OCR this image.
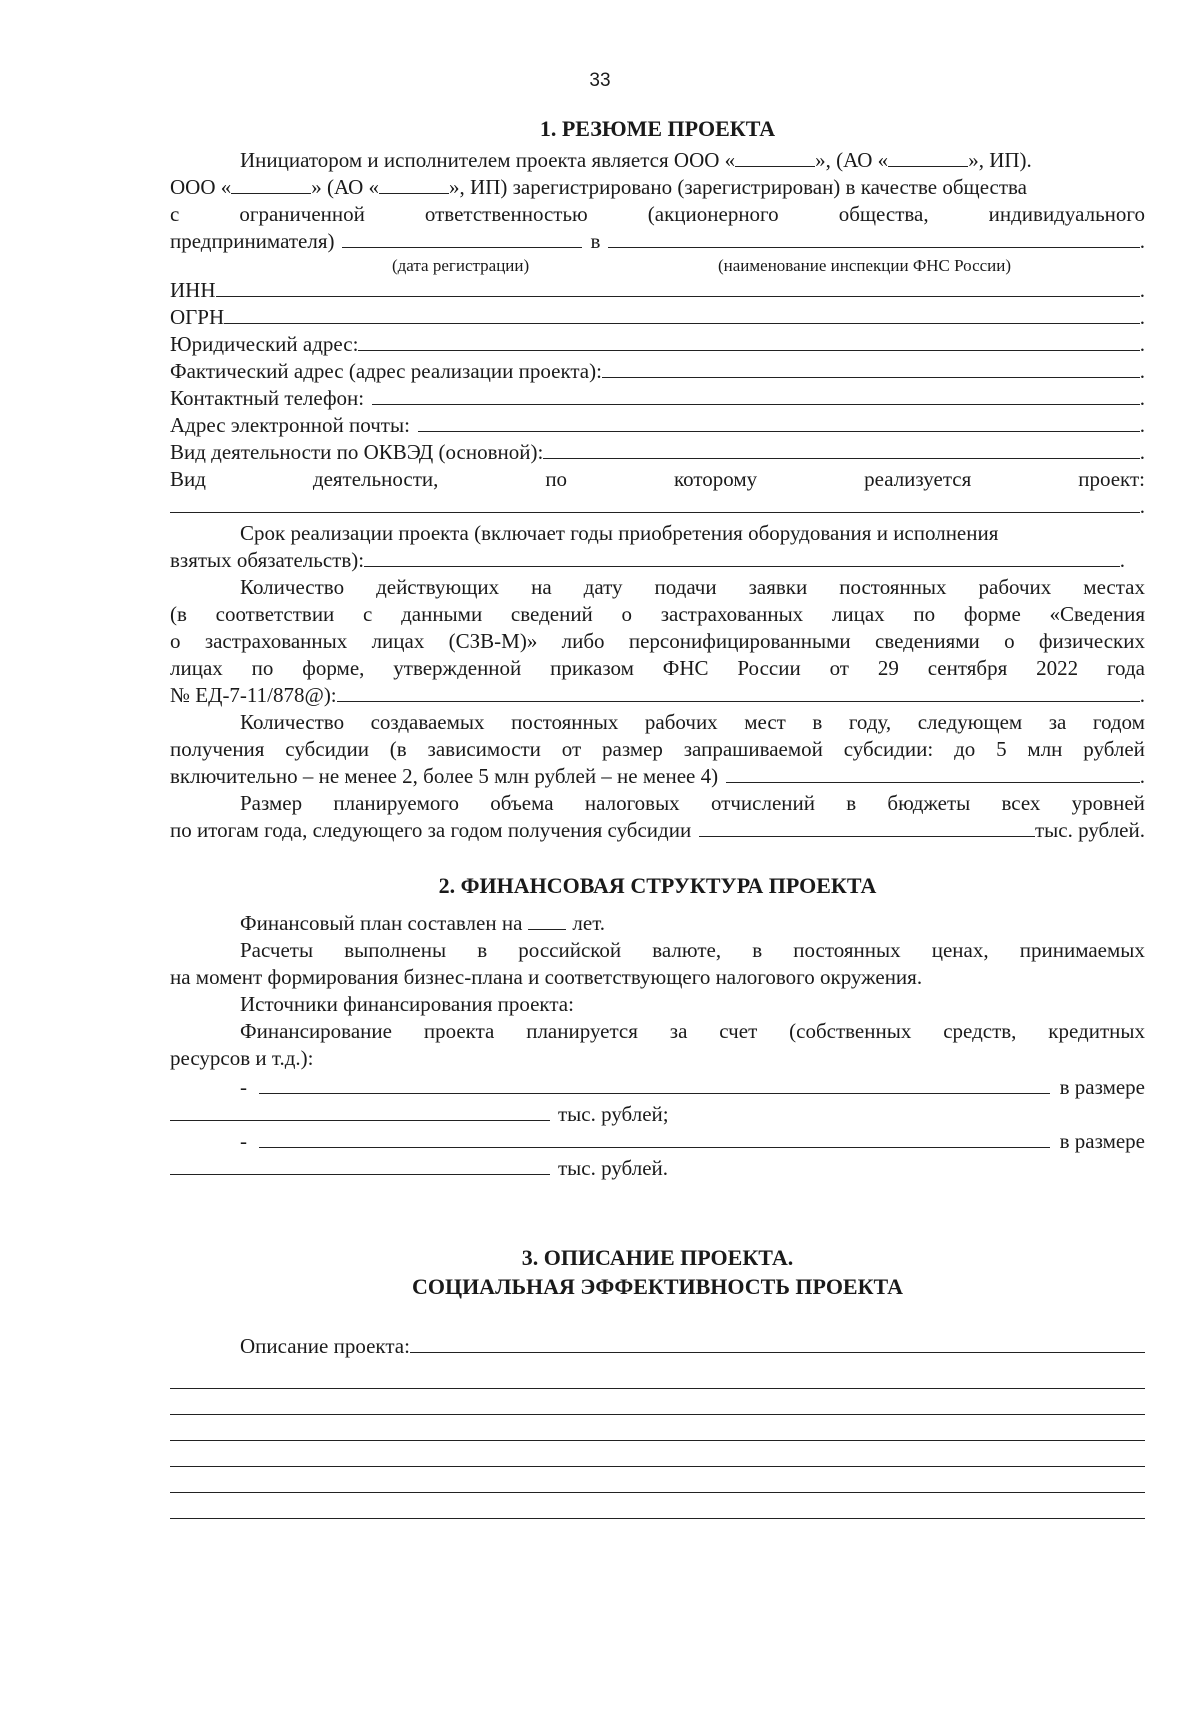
33
1. РЕЗЮМЕ ПРОЕКТА
Инициатором и исполнителем проекта является ООО «	», (АО «	», ИП).
ООО «	» (АО «	», ИП) зарегистрировано (зарегистрирован) в качестве общества
с	ограниченной	ответственностью	(акционерного	общества,	индивидуального
предпринимателя)	в	.
(дата регистрации)	(наименование инспекции ФНС России)
ИНН	.
ОГРН	.
Юридический адрес:	.
Фактический адрес (адрес реализации проекта):	.
Контактный телефон:	.
Адрес электронной почты:	.
Вид деятельности по ОКВЭД (основной):	.
Вид	деятельности,	по	которому	реализуется	проект:
.
Срок реализации проекта (включает годы приобретения оборудования и исполнения
взятых обязательств):	.
Количество действующих на дату подачи заявки постоянных рабочих местах
(в соответствии с данными сведений о застрахованных лицах по форме «Сведения
о застрахованных лицах (СЗВ-М)» либо персонифицированными сведениями о физических
лицах по форме, утвержденной приказом ФНС России от 29 сентября 2022 года
№ ЕД-7-11/878@):	.
Количество создаваемых постоянных рабочих мест в году, следующем за годом
получения субсидии (в зависимости от размер запрашиваемой субсидии: до 5 млн рублей
включительно – не менее 2, более 5 млн рублей – не менее 4)	.
Размер планируемого объема налоговых отчислений в бюджеты всех уровней
по итогам года, следующего за годом получения субсидии	тыс. рублей.
2. ФИНАНСОВАЯ СТРУКТУРА ПРОЕКТА
Финансовый план составлен на лет.
Расчеты выполнены в российской валюте, в постоянных ценах, принимаемых
на момент формирования бизнес-плана и соответствующего налогового окружения.
Источники финансирования проекта:
Финансирование проекта планируется за счет (собственных средств, кредитных
ресурсов и т.д.):
-	в размере
тыс. рублей;
-	в размере
тыс. рублей.
3. ОПИСАНИЕ ПРОЕКТА.
СОЦИАЛЬНАЯ ЭФФЕКТИВНОСТЬ ПРОЕКТА
Описание проекта:
